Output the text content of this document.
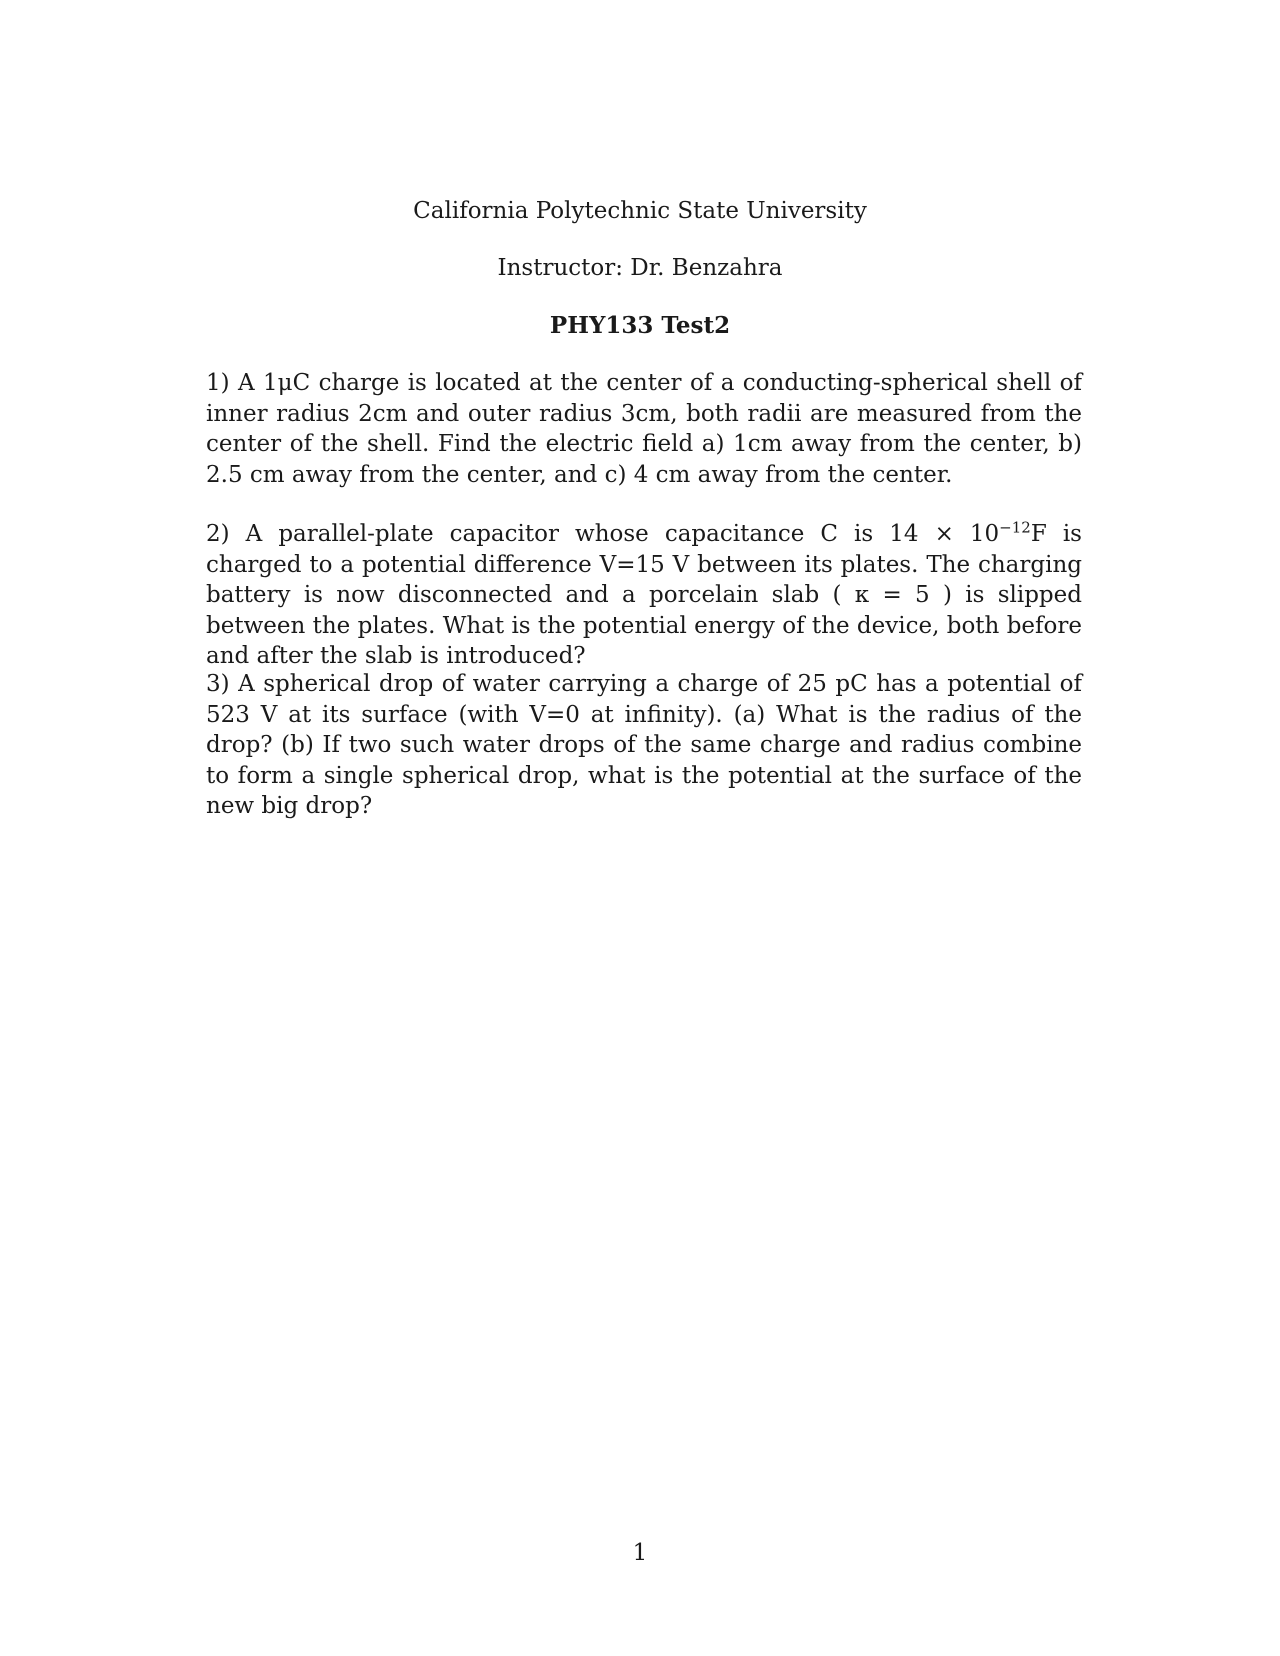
California Polytechnic State University
Instructor: Dr. Benzahra
PHY133 Test2

1) A 1μC charge is located at the center of a conducting-spherical shell of inner radius 2cm and outer radius 3cm, both radii are measured from the center of the shell. Find the electric field a) 1cm away from the center, b) 2.5 cm away from the center, and c) 4 cm away from the center.

2) A parallel-plate capacitor whose capacitance C is $14 \times 10^{-12}F$ is charged to a potential difference V=15 V between its plates. The charging battery is now disconnected and a porcelain slab ( κ = 5 ) is slipped between the plates. What is the potential energy of the device, both before and after the slab is introduced?

3) A spherical drop of water carrying a charge of 25 pC has a potential of 523 V at its surface (with V=0 at infinity). (a) What is the radius of the drop? (b) If two such water drops of the same charge and radius combine to form a single spherical drop, what is the potential at the surface of the new big drop?

1
